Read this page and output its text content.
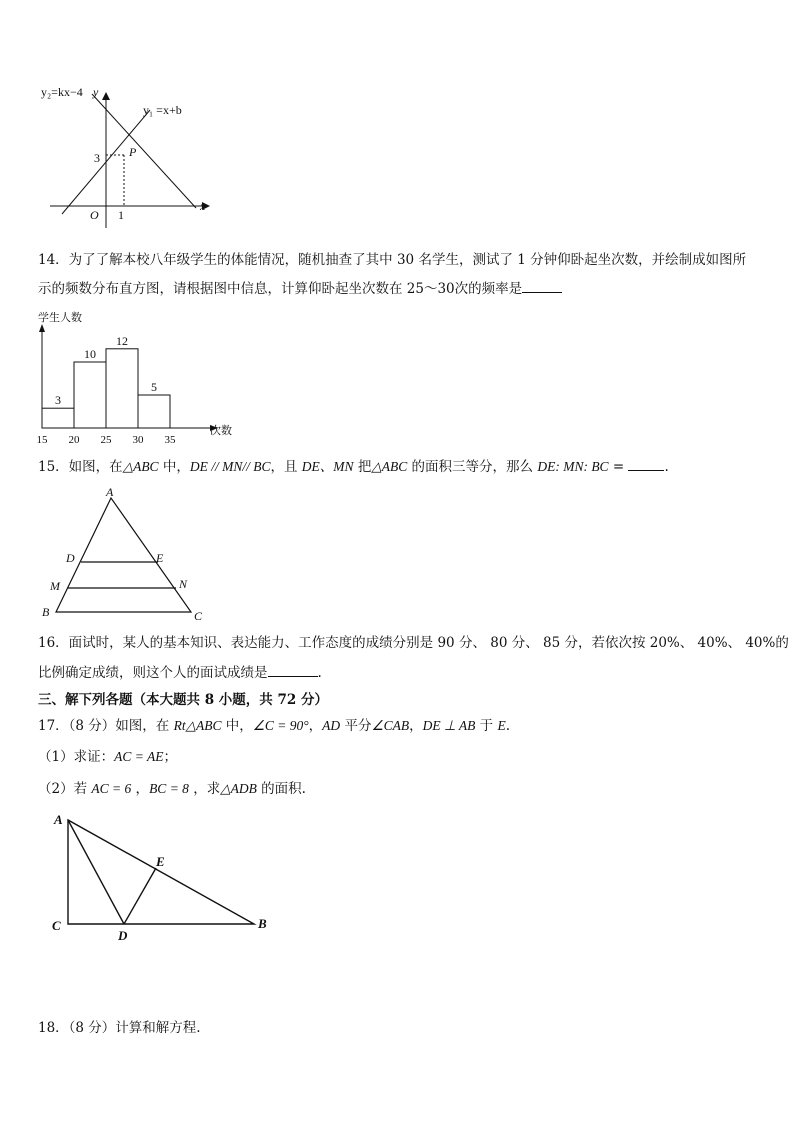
y₂=kx−4 y
y₁ =x+b
P
3
O 1
x
14．为了了解本校八年级学生的体能情况，随机抽查了其中 30 名学生，测试了 1 分钟仰卧起坐次数，并绘制成如图所
示的频数分布直方图，请根据图中信息，计算仰卧起坐次数在 25～30次的频率是
学生人数
次数
3
10
12
5
15 20 25 30 35
15．如图，在△ABC 中，DE // MN// BC，且 DE、MN 把△ABC 的面积三等分，那么 DE: MN: BC =	.
A
D	E
M	N
B	C
16．面试时，某人的基本知识、表达能力、工作态度的成绩分别是 90 分、 80 分、 85 分，若依次按 20%、 40%、 40%的
比例确定成绩，则这个人的面试成绩是	.
三、解下列各题（本大题共 8 小题，共 72 分）
17．（8 分）如图，在 Rt△ABC 中，∠C = 90°，AD 平分∠CAB，DE ⊥ AB 于 E.
（1）求证：AC = AE；
（2）若 AC = 6 ，BC = 8 ，求△ADB 的面积.
A
E
C
D
B
18．（8 分）计算和解方程.
